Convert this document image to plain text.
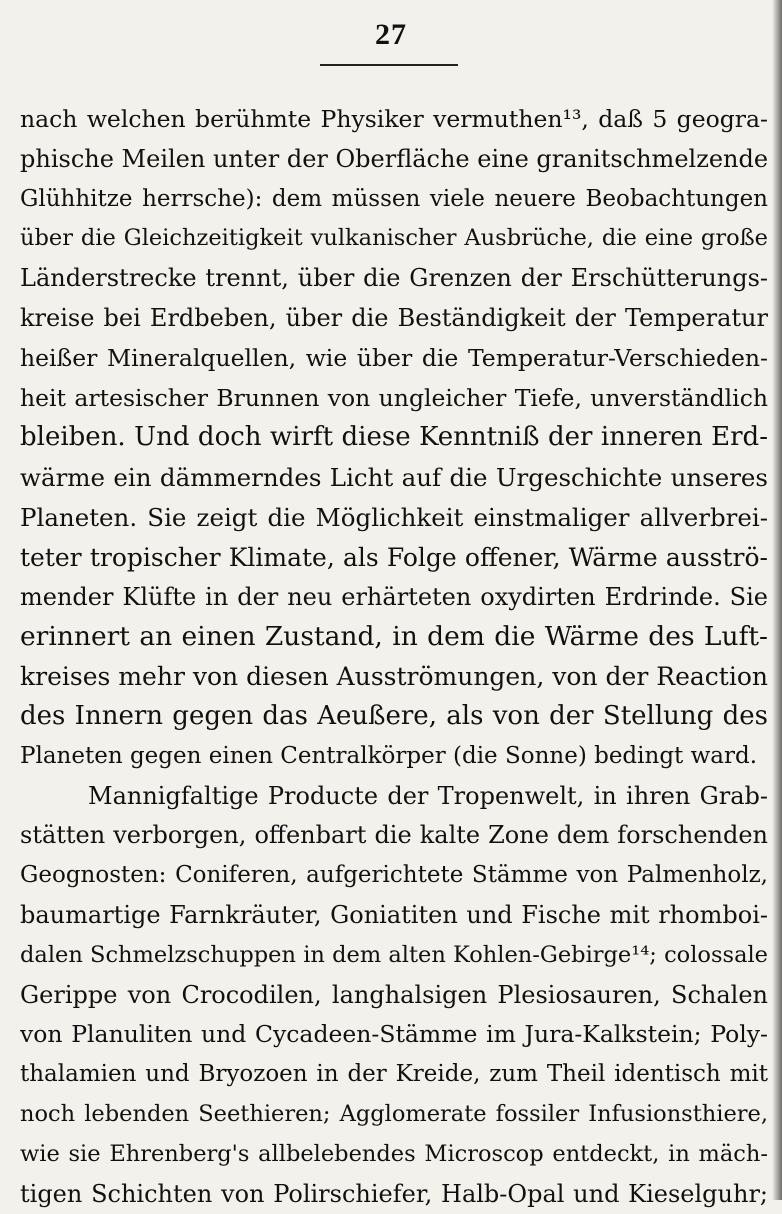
27
nach welchen berühmte Physiker vermuthen¹³, daß 5 geogra-
phische Meilen unter der Oberfläche eine granitschmelzende
Glühhitze herrsche): dem müssen viele neuere Beobachtungen
über die Gleichzeitigkeit vulkanischer Ausbrüche, die eine große
Länderstrecke trennt, über die Grenzen der Erschütterungs-
kreise bei Erdbeben, über die Beständigkeit der Temperatur
heißer Mineralquellen, wie über die Temperatur-Verschieden-
heit artesischer Brunnen von ungleicher Tiefe, unverständlich
bleiben. Und doch wirft diese Kenntniß der inneren Erd-
wärme ein dämmerndes Licht auf die Urgeschichte unseres
Planeten. Sie zeigt die Möglichkeit einstmaliger allverbrei-
teter tropischer Klimate, als Folge offener, Wärme ausströ-
mender Klüfte in der neu erhärteten oxydirten Erdrinde. Sie
erinnert an einen Zustand, in dem die Wärme des Luft-
kreises mehr von diesen Ausströmungen, von der Reaction
des Innern gegen das Aeußere, als von der Stellung des
Planeten gegen einen Centralkörper (die Sonne) bedingt ward.
Mannigfaltige Producte der Tropenwelt, in ihren Grab-
stätten verborgen, offenbart die kalte Zone dem forschenden
Geognosten: Coniferen, aufgerichtete Stämme von Palmenholz,
baumartige Farnkräuter, Goniatiten und Fische mit rhomboi-
dalen Schmelzschuppen in dem alten Kohlen-Gebirge¹⁴; colossale
Gerippe von Crocodilen, langhalsigen Plesiosauren, Schalen
von Planuliten und Cycadeen-Stämme im Jura-Kalkstein; Poly-
thalamien und Bryozoen in der Kreide, zum Theil identisch mit
noch lebenden Seethieren; Agglomerate fossiler Infusionsthiere,
wie sie Ehrenberg's allbelebendes Microscop entdeckt, in mäch-
tigen Schichten von Polirschiefer, Halb-Opal und Kieselguhr;
